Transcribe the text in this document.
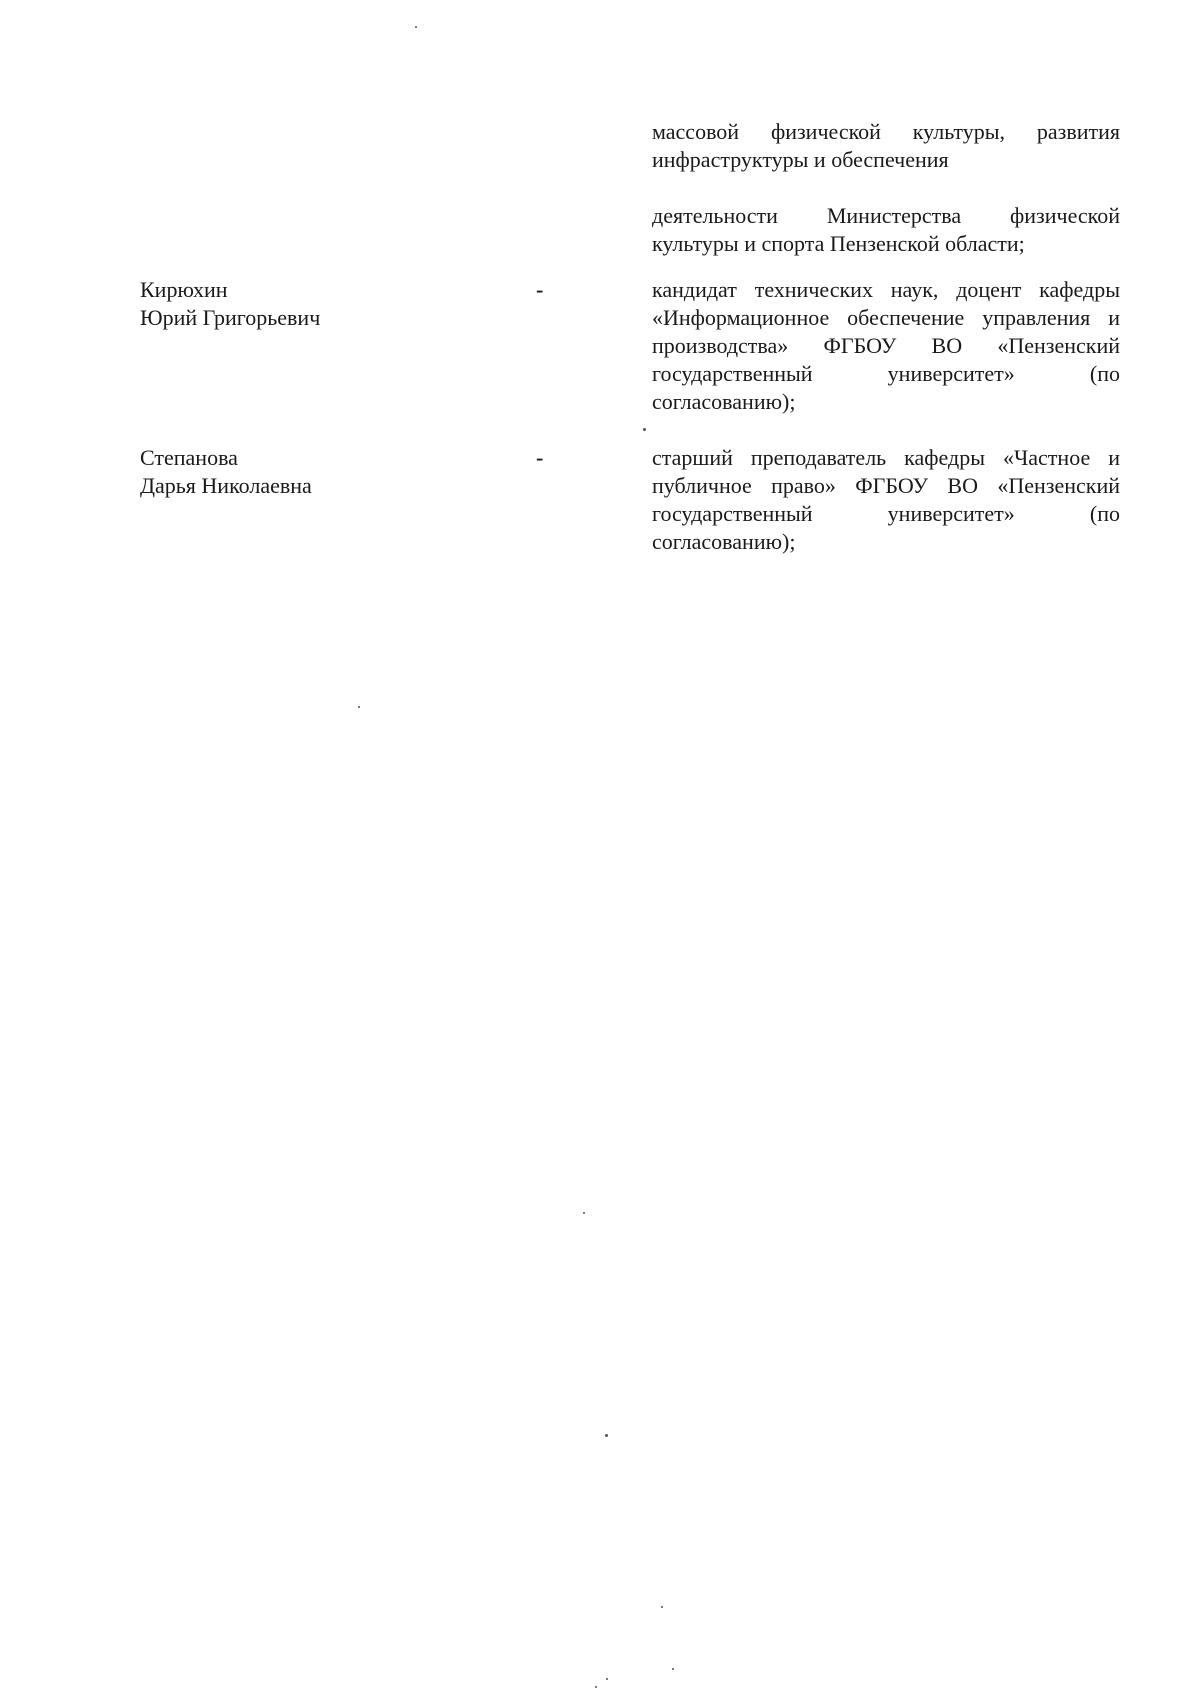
массовой физической культуры, развития инфраструктуры и обеспечения

деятельности Министерства физической культуры и спорта Пензенской области;

Кирюхин
Юрий Григорьевич
-	кандидат технических наук, доцент кафедры «Информационное обеспечение управления и производства» ФГБОУ ВО «Пензенский государственный университет» (по согласованию);

Степанова
Дарья Николаевна
-	старший преподаватель кафедры «Частное и публичное право» ФГБОУ ВО «Пензенский государственный университет» (по согласованию);
